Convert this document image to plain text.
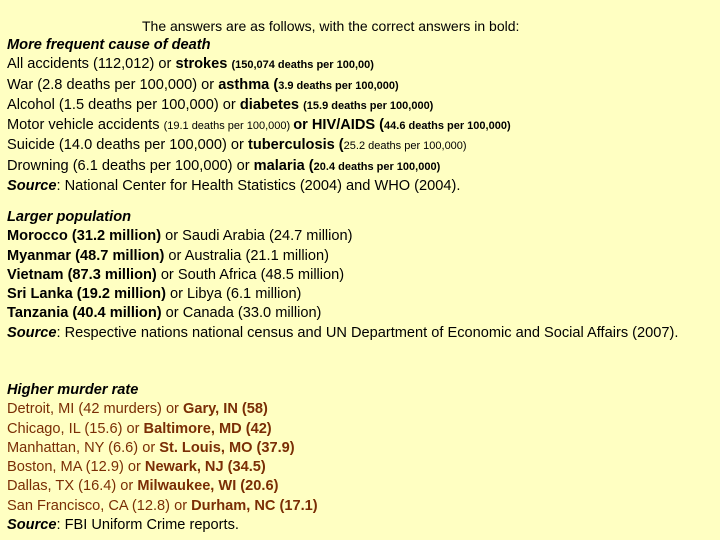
The answers are as follows, with the correct answers in bold:
More frequent cause of death
All accidents (112,012) or strokes (150,074 deaths per 100,00)
War (2.8 deaths per 100,000) or asthma (3.9 deaths per 100,000)
Alcohol (1.5 deaths per 100,000) or diabetes (15.9 deaths per 100,000)
Motor vehicle accidents (19.1 deaths per 100,000) or HIV/AIDS (44.6 deaths per 100,000)
Suicide (14.0 deaths per 100,000) or tuberculosis (25.2 deaths per 100,000)
Drowning (6.1 deaths per 100,000) or malaria (20.4 deaths per 100,000)
Source: National Center for Health Statistics (2004) and WHO (2004).
Larger population
Morocco (31.2 million) or Saudi Arabia (24.7 million)
Myanmar (48.7 million) or Australia (21.1 million)
Vietnam (87.3 million) or South Africa (48.5 million)
Sri Lanka (19.2 million) or Libya (6.1 million)
Tanzania (40.4 million) or Canada (33.0 million)
Source: Respective nations national census and UN Department of Economic and Social Affairs (2007).
Higher murder rate
Detroit, MI (42 murders) or Gary, IN (58)
Chicago, IL (15.6) or Baltimore, MD (42)
Manhattan, NY (6.6) or St. Louis, MO (37.9)
Boston, MA (12.9) or Newark, NJ (34.5)
Dallas, TX (16.4) or Milwaukee, WI (20.6)
San Francisco, CA (12.8) or Durham, NC (17.1)
Source: FBI Uniform Crime reports.
